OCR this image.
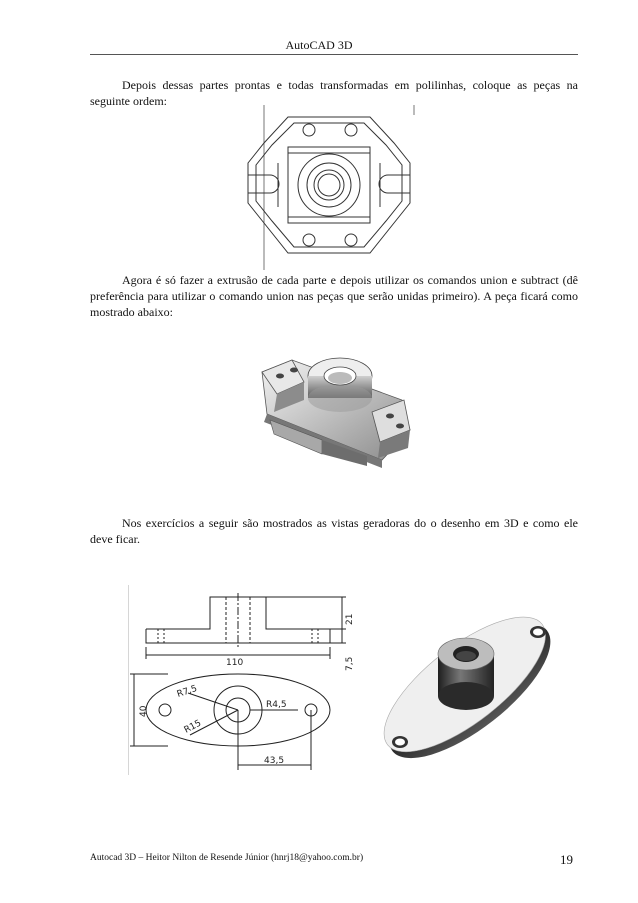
AutoCAD 3D
Depois dessas partes prontas e todas transformadas em polilinhas, coloque as peças na seguinte ordem:
Agora é só fazer a extrusão de cada parte e depois utilizar os comandos union e subtract (dê preferência para utilizar o comando union nas peças que serão unidas primeiro). A peça ficará como mostrado abaixo:
Nos exercícios a seguir são mostrados as vistas geradoras do o desenho em 3D e como ele deve ficar.
110
21
7,5
40
R7,5
R15
R4,5
43,5
Autocad 3D – Heitor Nilton de Resende Júnior (hnrj18@yahoo.com.br)	19
